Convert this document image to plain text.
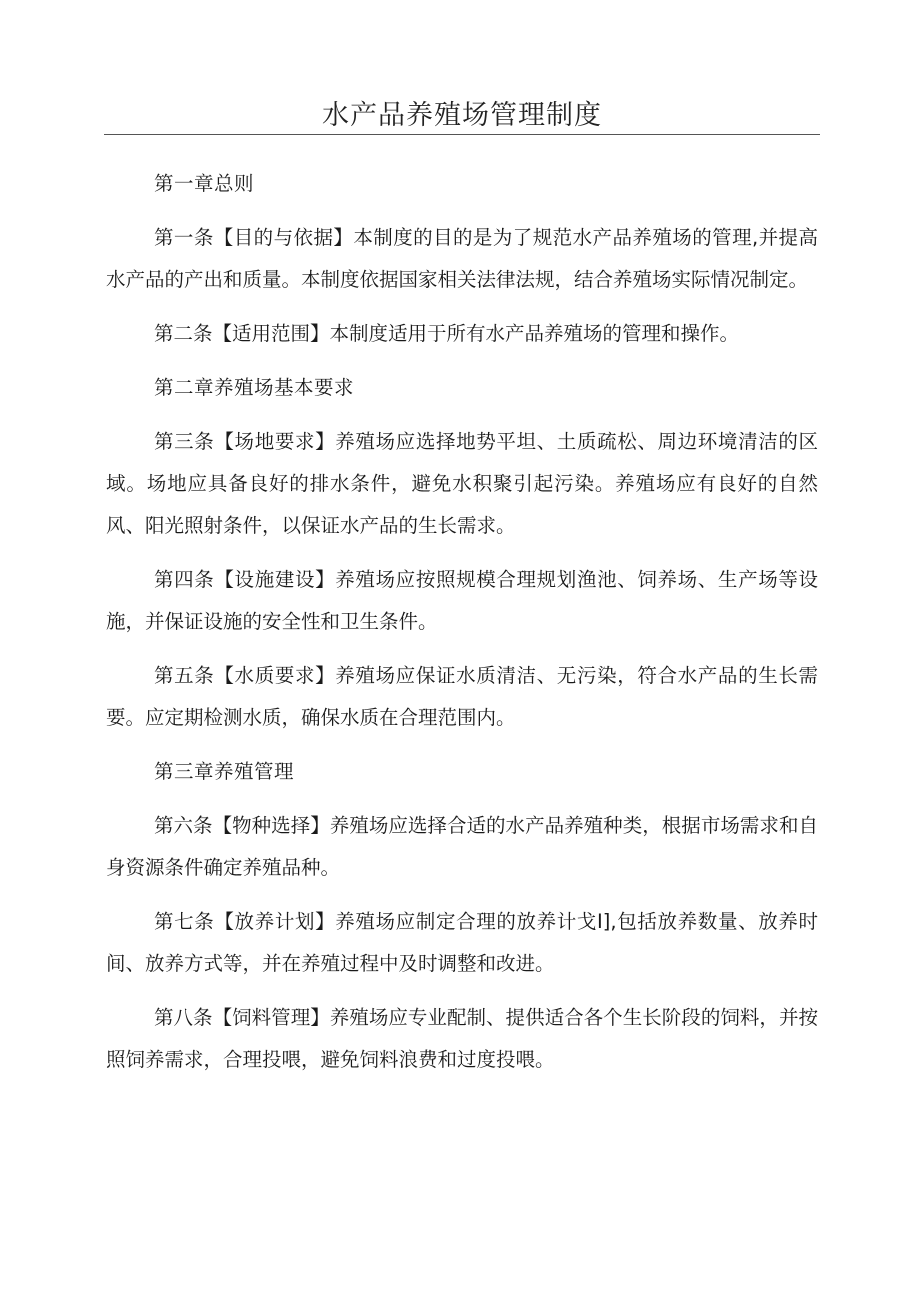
水产品养殖场管理制度

第一章总则

第一条【目的与依据】本制度的目的是为了规范水产品养殖场的管理,并提高水产品的产出和质量。本制度依据国家相关法律法规，结合养殖场实际情况制定。

第二条【适用范围】本制度适用于所有水产品养殖场的管理和操作。

第二章养殖场基本要求

第三条【场地要求】养殖场应选择地势平坦、土质疏松、周边环境清洁的区域。场地应具备良好的排水条件，避免水积聚引起污染。养殖场应有良好的自然风、阳光照射条件，以保证水产品的生长需求。

第四条【设施建设】养殖场应按照规模合理规划渔池、饲养场、生产场等设施，并保证设施的安全性和卫生条件。

第五条【水质要求】养殖场应保证水质清洁、无污染，符合水产品的生长需要。应定期检测水质，确保水质在合理范围内。

第三章养殖管理

第六条【物种选择】养殖场应选择合适的水产品养殖种类，根据市场需求和自身资源条件确定养殖品种。

第七条【放养计划】养殖场应制定合理的放养计戈I],包括放养数量、放养时间、放养方式等，并在养殖过程中及时调整和改进。

第八条【饲料管理】养殖场应专业配制、提供适合各个生长阶段的饲料，并按照饲养需求，合理投喂，避免饲料浪费和过度投喂。
